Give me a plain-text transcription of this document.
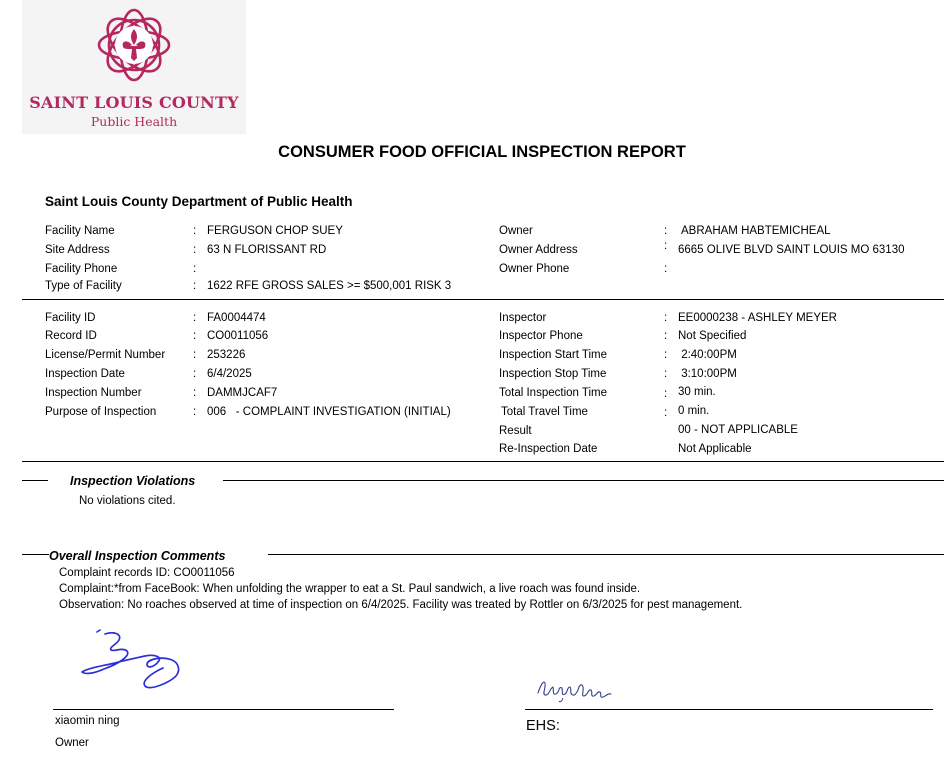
SAINT LOUIS COUNTY
Public Health
CONSUMER FOOD OFFICIAL INSPECTION REPORT
Saint Louis County Department of Public Health
Facility Name	: FERGUSON CHOP SUEY
Site Address	: 63 N FLORISSANT RD
Facility Phone	:
Type of Facility	: 1622 RFE GROSS SALES >= $500,001 RISK 3
Owner	: ABRAHAM HABTEMICHEAL
Owner Address	: 6665 OLIVE BLVD SAINT LOUIS MO 63130
Owner Phone	:
Facility ID	: FA0004474
Record ID	: CO0011056
License/Permit Number : 253226
Inspection Date	: 6/4/2025
Inspection Number	: DAMMJCAF7
Purpose of Inspection	: 006   - COMPLAINT INVESTIGATION (INITIAL)
Inspector	: EE0000238 - ASHLEY MEYER
Inspector Phone	: Not Specified
Inspection Start Time	: 2:40:00PM
Inspection Stop Time	: 3:10:00PM
Total Inspection Time	: 30 min.
Total Travel Time	: 0 min.
Result	00 - NOT APPLICABLE
Re-Inspection Date	Not Applicable
Inspection Violations
No violations cited.
Overall Inspection Comments
Complaint records ID: CO0011056
Complaint:*from FaceBook: When unfolding the wrapper to eat a St. Paul sandwich, a live roach was found inside.
Observation: No roaches observed at time of inspection on 6/4/2025. Facility was treated by Rottler on 6/3/2025 for pest management.
xiaomin ning
Owner
EHS:
